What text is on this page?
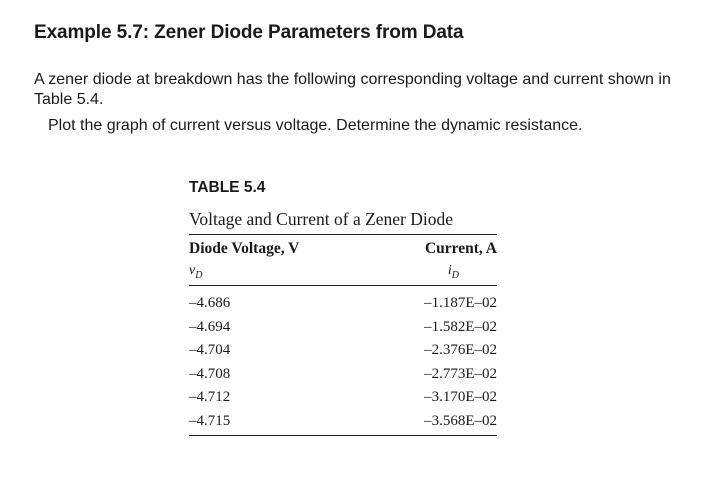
Example 5.7: Zener Diode Parameters from Data

A zener diode at breakdown has the following corresponding voltage and current shown in Table 5.4.

Plot the graph of current versus voltage. Determine the dynamic resistance.

TABLE 5.4
Voltage and Current of a Zener Diode
Diode Voltage, V	Current, A
$v_D$	$i_D$
–4.686	–1.187E–02
–4.694	–1.582E–02
–4.704	–2.376E–02
–4.708	–2.773E–02
–4.712	–3.170E–02
–4.715	–3.568E–02
